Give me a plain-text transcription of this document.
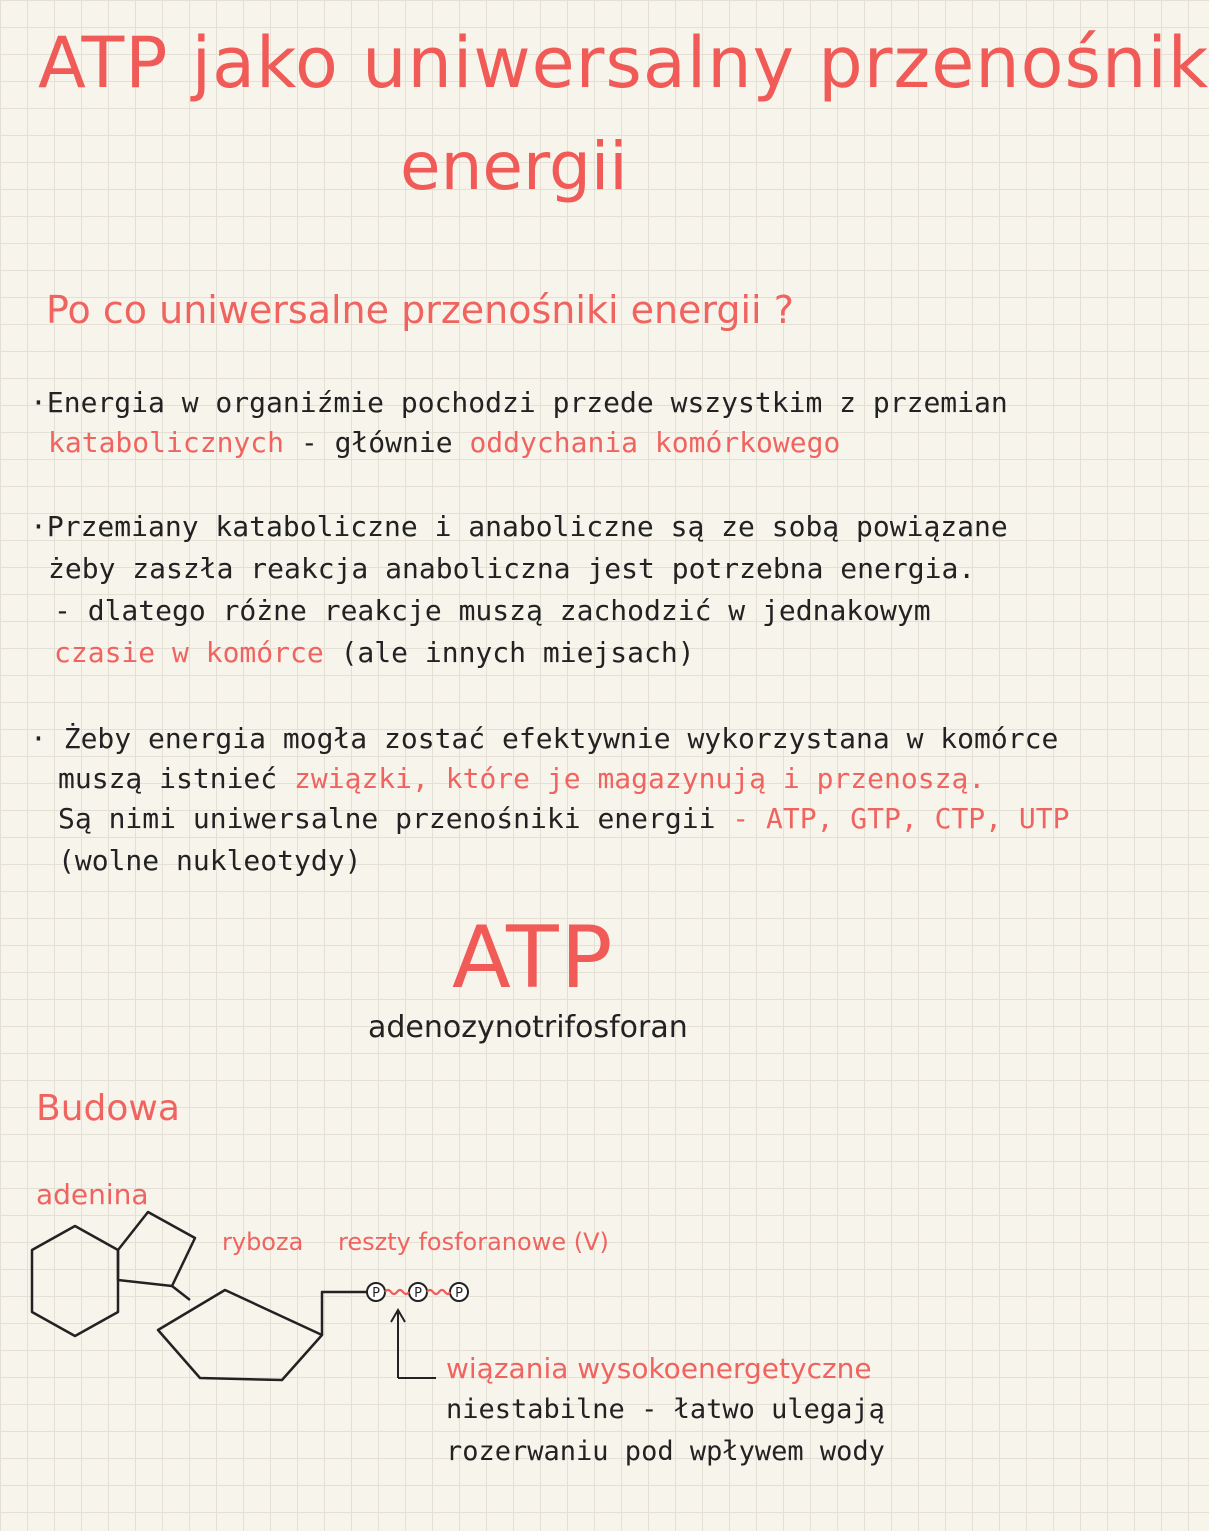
ATP jako uniwersalny przenośnik
energii
Po co uniwersalne przenośniki energii ?
·Energia w organiźmie pochodzi przede wszystkim z przemian
katabolicznych - głównie oddychania komórkowego
·Przemiany kataboliczne i anaboliczne są ze sobą powiązane
żeby zaszła reakcja anaboliczna jest potrzebna energia.
- dlatego różne reakcje muszą zachodzić w jednakowym
czasie w komórce (ale innych miejsach)
· Żeby energia mogła zostać efektywnie wykorzystana w komórce
muszą istnieć związki, które je magazynują i przenoszą.
Są nimi uniwersalne przenośniki energii - ATP, GTP, CTP, UTP
(wolne nukleotydy)
ATP
adenozynotrifosforan
Budowa
adenina
ryboza reszty fosforanowe (V)
P	P	P
wiązania wysokoenergetyczne
niestabilne - łatwo ulegają
rozerwaniu pod wpływem wody
